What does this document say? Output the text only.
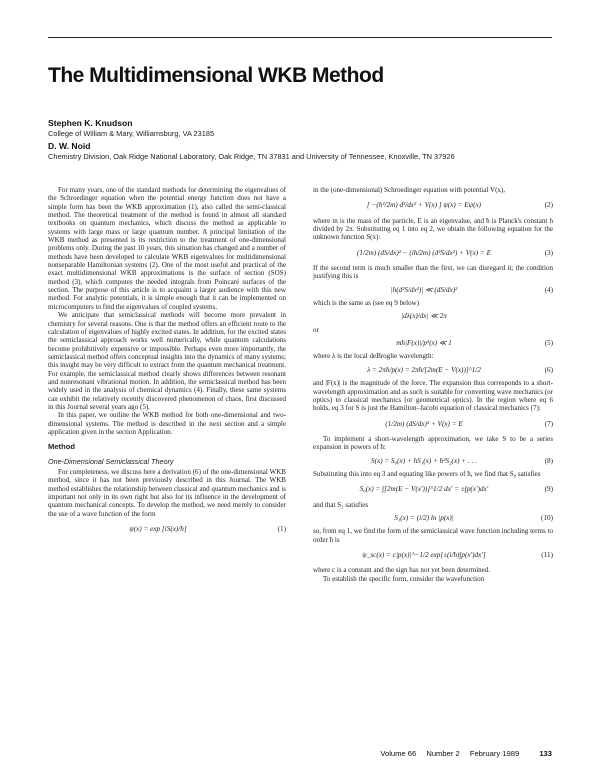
The Multidimensional WKB Method
Stephen K. Knudson
College of William & Mary, Williamsburg, VA 23185
D. W. Noid
Chemistry Division, Oak Ridge National Laboratory, Oak Ridge, TN 37831 and University of Tennessee, Knoxville, TN 37926

For many years, one of the standard methods for determining the eigenvalues of the Schroedinger equation when the potential energy function does not have a simple form has been the WKB approximation (1), also called the semi-classical method. The theoretical treatment of the method is found in almost all standard textbooks on quantum mechanics, which discuss the method as applicable to systems with large mass or large quantum number. A principal limitation of the WKB method as presented is its restriction to the treatment of one-dimensional problems only. During the past 10 years, this situation has changed and a number of methods have been developed to calculate WKB eigenvalues for multidimensional nonseparable Hamiltonian systems (2). One of the most useful and practical of the exact multidimensional WKB approximations is the surface of section (SOS) method (3), which computes the needed integrals from Poincaré surfaces of the section. The purpose of this article is to acquaint a larger audience with this new method. For analytic potentials, it is simple enough that it can be implemented on microcomputers to find the eigenvalues of coupled systems.

We anticipate that semiclassical methods will become more prevalent in chemistry for several reasons. One is that the method offers an efficient route to the calculation of eigenvalues of highly excited states. In addition, for the excited states the semiclassical approach works well numerically, while quantum calculations become prohibitively expensive or impossible. Perhaps even more importantly, the semiclassical method offers conceptual insights into the dynamics of many systems; this insight may be very difficult to extract from the quantum mechanical treatment. For example, the semiclassical method clearly shows differences between resonant and nonresonant vibrational motion. In addition, the semiclassical method has been widely used in the analysis of chemical dynamics (4). Finally, these same systems can exhibit the relatively recently discovered phenomenon of chaos, first discussed in this Journal several years ago (5).

In this paper, we outline the WKB method for both one-dimensional and two-dimensional systems. The method is described in the next section and a simple application given in the section Application.

Method
One-Dimensional Semiclassical Theory

For completeness, we discuss here a derivation (6) of the one-dimensional WKB method, since it has not been previously described in this Journal. The WKB method establishes the relationship between classical and quantum mechanics and is important not only in its own right but also for its influence in the development of quantum mechanical concepts. To develop the method, we need merely to consider the use of a wave function of the form

ψ(x) = exp [iS(x)/ħ]	(1)

in the (one-dimensional) Schroedinger equation with potential V(x),

[ −(ħ²/2m) d²/dx² + V(x) ] ψ(x) = Eψ(x)	(2)

where m is the mass of the particle, E is an eigenvalue, and ħ is Planck's constant h divided by 2π. Substituting eq 1 into eq 2, we obtain the following equation for the unknown function S(x):

(1/2m) (dS/dx)² − (iħ/2m) (d²S/dx²) + V(x) = E	(3)

If the second term is much smaller than the first, we can disregard it; the condition justifying this is

|ħ(d²S/dx²)| ≪ (dS/dx)²	(4)

which is the same as (see eq 9 below)

|dλ(x)/dx| ≪ 2π

or

mħ|F(x)|/p³(x) ≪ 1	(5)

where λ is the local deBroglie wavelength:

λ = 2πħ/p(x) = 2πħ/[2m(E − V(x))]^1/2	(6)

and |F(x)| is the magnitude of the force. The expansion thus corresponds to a short-wavelength approximation and as such is suitable for converting wave mechanics (or optics) to classical mechanics (or geometrical optics). In the region where eq 6 holds, eq 3 for S is just the Hamilton–Jacobi equation of classical mechanics (7):

(1/2m) (dS/dx)² + V(x) = E	(7)

To implement a short-wavelength approximation, we take S to be a series expansion in powers of ħ:

S(x) = S₀(x) + ħS₁(x) + ħ²S₂(x) + . . .	(8)

Substituting this into eq 3 and equating like powers of ħ, we find that S₀ satisfies

S₀(x) = ∫[2m(E − V(x′))]^1/2 dx′ = ±∫p(x′)dx′	(9)

and that S₁ satisfies

S₁(x) = (i/2) ln |p(x)|	(10)

so, from eq 1, we find the form of the semiclassical wave function including terms to order ħ is

ψ_sc(x) = c|p(x)|^−1/2 exp[±(i/ħ)∫p(x′)dx′]	(11)

where c is a constant and the sign has not yet been determined.

To establish the specific form, consider the wavefunction

Volume 66 Number 2 February 1989	133
